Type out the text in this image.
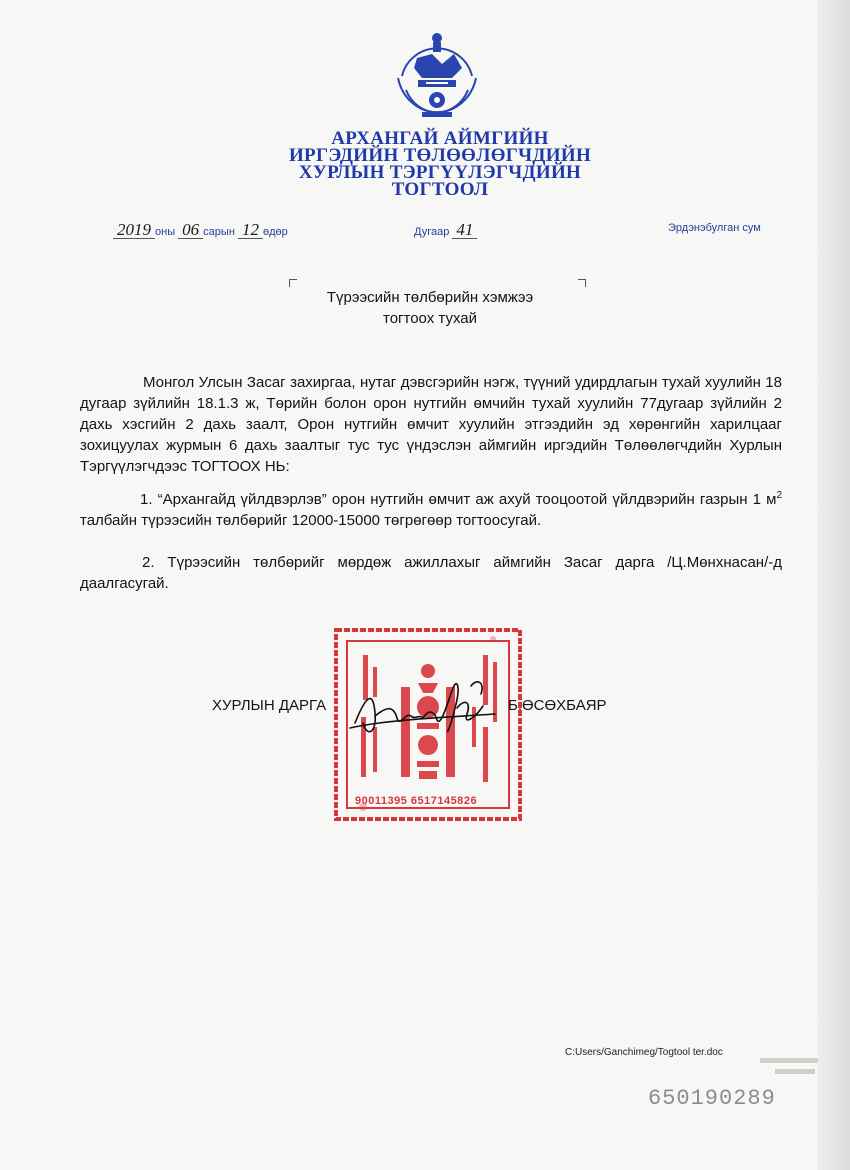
АРХАНГАЙ АЙМГИЙН
ИРГЭДИЙН ТӨЛӨӨЛӨГЧДИЙН
ХУРЛЫН ТЭРГҮҮЛЭГЧДИЙН
ТОГТООЛ
2019 оны 06 сарын 12 өдөр	Дугаар 41	Эрдэнэбулган сум
Түрээсийн төлбөрийн хэмжээ
тогтоох тухай

Монгол Улсын Засаг захиргаа, нутаг дэвсгэрийн нэгж, түүний удирдлагын тухай хуулийн 18 дугаар зүйлийн 18.1.3 ж, Төрийн болон орон нутгийн өмчийн тухай хуулийн 77дугаар зүйлийн 2 дахь хэсгийн 2 дахь заалт, Орон нутгийн өмчит хуулийн этгээдийн эд хөрөнгийн харилцааг зохицуулах журмын 6 дахь заалтыг тус тус үндэслэн аймгийн иргэдийн Төлөөлөгчдийн Хурлын Тэргүүлэгчдээс ТОГТООХ НЬ:

1. “Архангайд үйлдвэрлэв” орон нутгийн өмчит аж ахуй тооцоотой үйлдвэрийн газрын 1 $м^2$ талбайн түрээсийн төлбөрийг 12000-15000 төгрөгөөр тогтоосугай.

2. Түрээсийн төлбөрийг мөрдөж ажиллахыг аймгийн Засаг дарга /Ц.Мөнхнасан/-д даалгасугай.

90011395 6517145826
ХУРЛЫН ДАРГА	Б.ӨСӨХБАЯР
C:Users/Ganchimeg/Togtool ter.doc
650190289
